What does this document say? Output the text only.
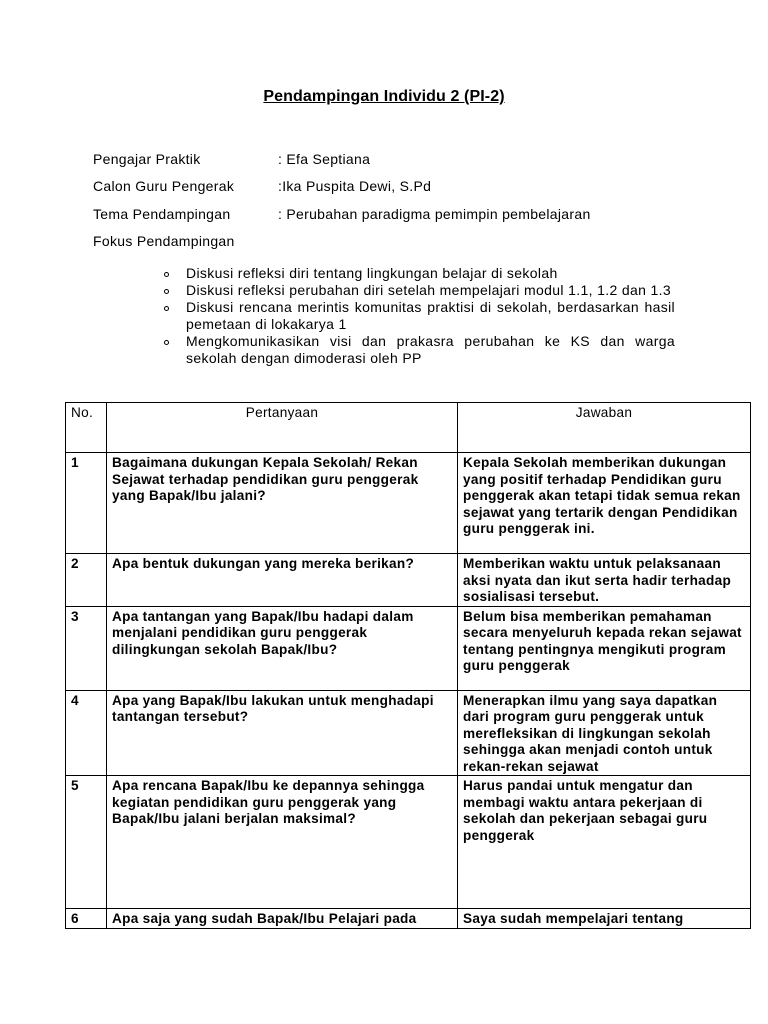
Pendampingan Individu 2 (PI-2)
Pengajar Praktik	: Efa Septiana
Calon Guru Pengerak	:Ika Puspita Dewi, S.Pd
Tema Pendampingan	: Perubahan paradigma pemimpin pembelajaran
Fokus Pendampingan
Diskusi refleksi diri tentang lingkungan belajar di sekolah
Diskusi refleksi perubahan diri setelah mempelajari modul 1.1, 1.2 dan 1.3
Diskusi rencana merintis komunitas praktisi di sekolah, berdasarkan hasil pemetaan di lokakarya 1
Mengkomunikasikan visi dan prakasra perubahan ke KS dan warga sekolah dengan dimoderasi oleh PP
No.	Pertanyaan	Jawaban
1	Bagaimana dukungan Kepala Sekolah/ Rekan Sejawat terhadap pendidikan guru penggerak yang Bapak/Ibu jalani?	Kepala Sekolah memberikan dukungan yang positif terhadap Pendidikan guru penggerak akan tetapi tidak semua rekan sejawat yang tertarik dengan Pendidikan guru penggerak ini.
2	Apa bentuk dukungan yang mereka berikan?	Memberikan waktu untuk pelaksanaan aksi nyata dan ikut serta hadir terhadap sosialisasi tersebut.
3	Apa tantangan yang Bapak/Ibu hadapi dalam menjalani pendidikan guru penggerak dilingkungan sekolah Bapak/Ibu?	Belum bisa memberikan pemahaman secara menyeluruh kepada rekan sejawat tentang pentingnya mengikuti program guru penggerak
4	Apa yang Bapak/Ibu lakukan untuk menghadapi tantangan tersebut?	Menerapkan ilmu yang saya dapatkan dari program guru penggerak untuk merefleksikan di lingkungan sekolah sehingga akan menjadi contoh untuk rekan-rekan sejawat
5	Apa rencana Bapak/Ibu ke depannya sehingga kegiatan pendidikan guru penggerak yang Bapak/Ibu jalani berjalan maksimal?	Harus pandai untuk mengatur dan membagi waktu antara pekerjaan di sekolah dan pekerjaan sebagai guru penggerak
6	Apa saja yang sudah Bapak/Ibu Pelajari pada	Saya sudah mempelajari tentang
